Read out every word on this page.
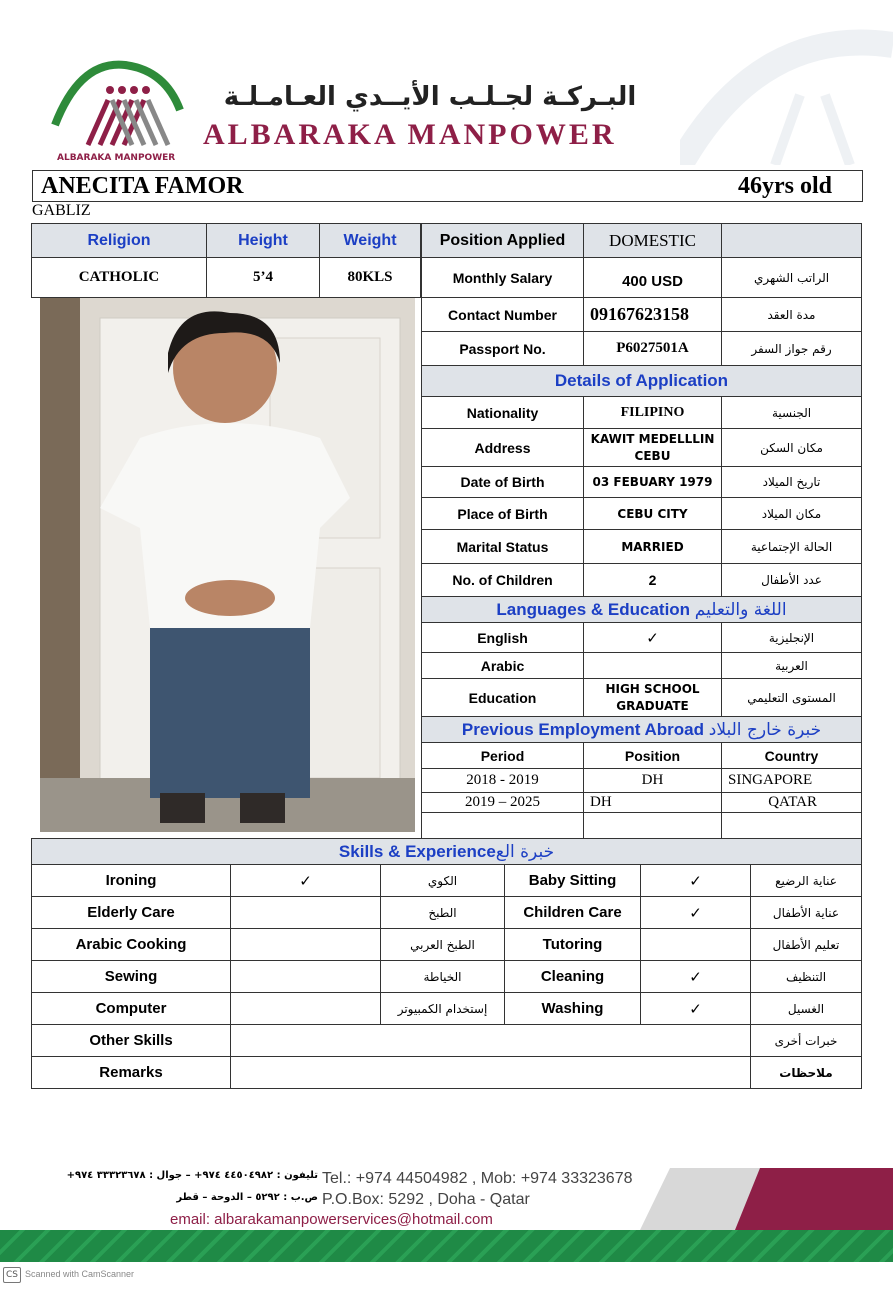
ALBARAKA MANPOWER
البـركـة لجـلـب الأيــدي العـامـلـة
ALBARAKA MANPOWER
ANECITA FAMOR	46yrs old
GABLIZ
Religion	Height	Weight
CATHOLIC	5’4	80KLS
Position Applied	DOMESTIC	
Monthly Salary	400 USD	الراتب الشهري
Contact Number	09167623158	مدة العقد
Passport No.	P6027501A	رقم جواز السفر
Details of Application		
Nationality	FILIPINO	الجنسية
Address	KAWIT MEDELLLIN CEBU	مكان السكن
Date of Birth	03 FEBUARY 1979	تاريخ الميلاد
Place of Birth	CEBU CITY	مكان الميلاد
Marital Status	MARRIED	الحالة الإجتماعية
No. of Children	2	عدد الأطفال
Languages & Education اللغة والتعليم		
English	✓	الإنجليزية
Arabic		العربية
Education	HIGH SCHOOL GRADUATE	المستوى التعليمي
Previous Employment Abroad خبرة خارج البلاد		
Period	Position	Country
2018 - 2019	DH	SINGAPORE
2019 – 2025	DH	QATAR

Skills & Experienceخبرة الع					
Ironing	✓	الكوي	Baby Sitting	✓	عناية الرضيع
Elderly Care		الطبخ	Children Care	✓	عناية الأطفال
Arabic Cooking		الطبخ العربي	Tutoring		تعليم الأطفال
Sewing		الخياطة	Cleaning	✓	التنظيف
Computer		إستخدام الكمبيوتر	Washing	✓	الغسيل
Other Skills					خبرات أخرى
Remarks					ملاحظات
تليفون : ٤٤٥٠٤٩٨٢ ٩٧٤+ – جوال : ٣٣٣٢٣٦٧٨ ٩٧٤+ Tel.: +974 44504982 , Mob: +974 33323678
ص.ب : ٥٢٩٢ – الدوحة – قطر P.O.Box: 5292 , Doha - Qatar
email: albarakamanpowerservices@hotmail.com
CS Scanned with CamScanner
